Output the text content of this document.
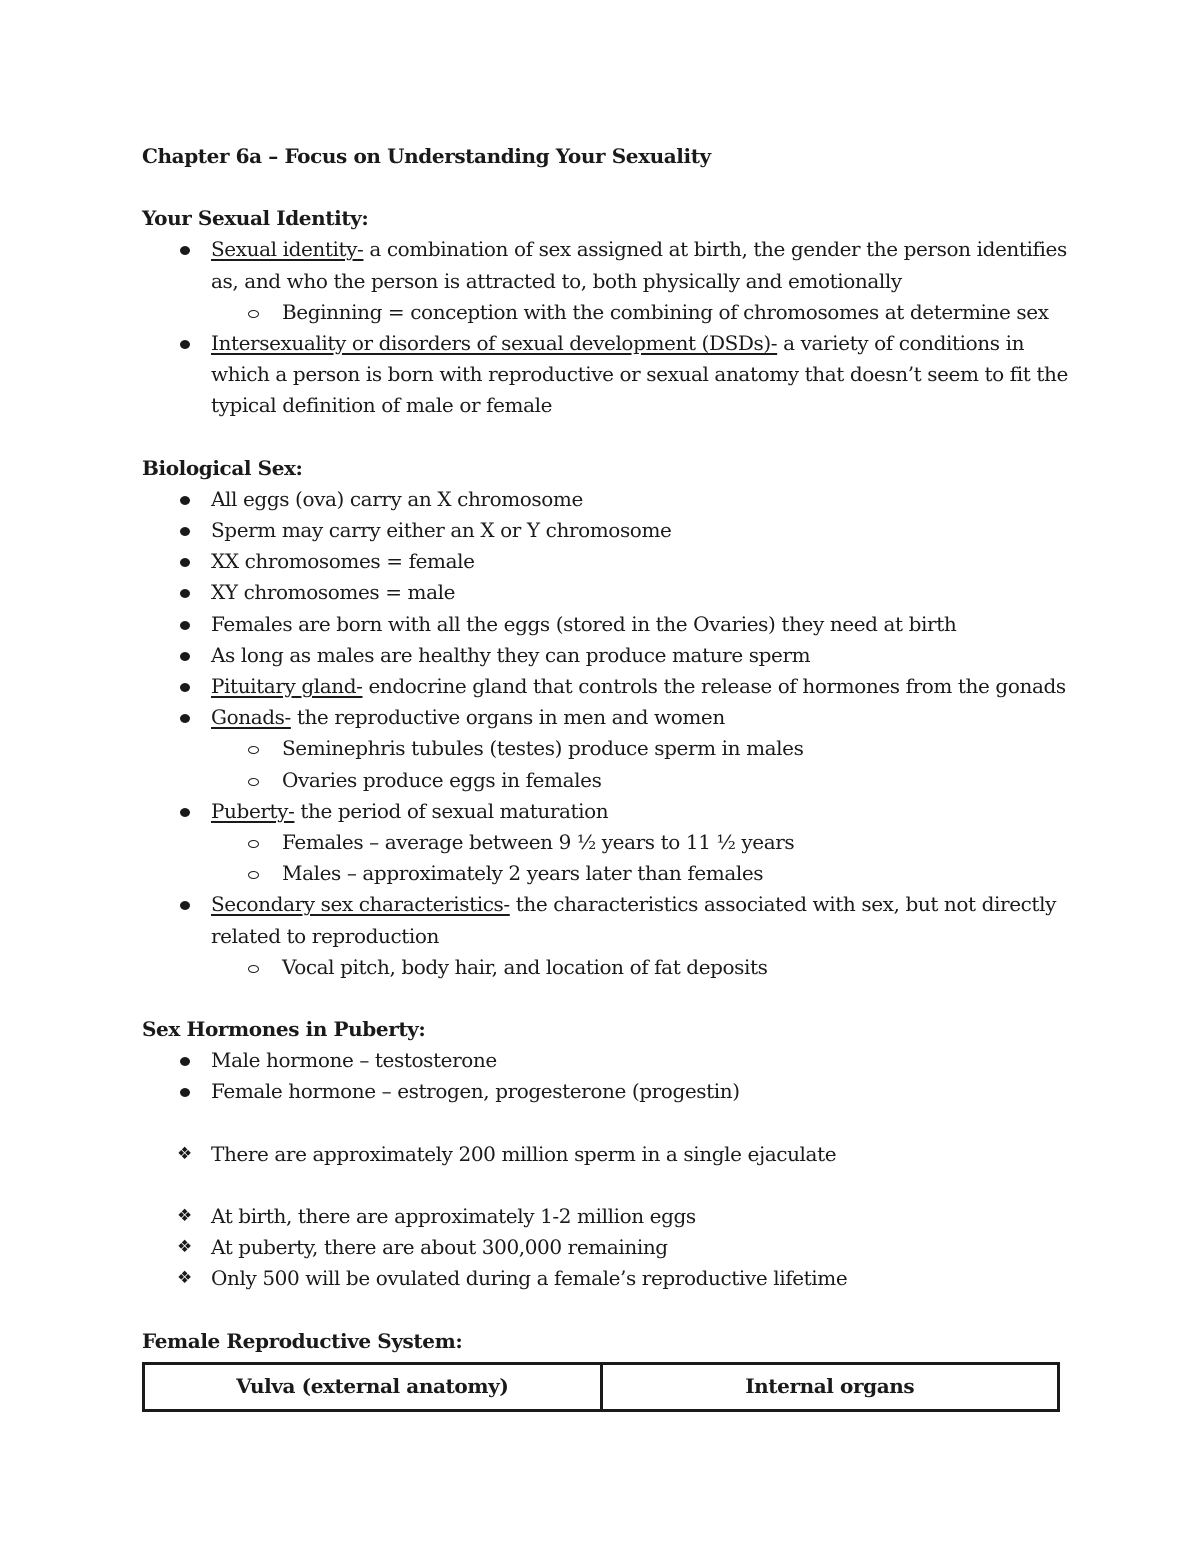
Chapter 6a – Focus on Understanding Your Sexuality

Your Sexual Identity:

Sexual identity- a combination of sex assigned at birth, the gender the person identifies as, and who the person is attracted to, both physically and emotionally
Beginning = conception with the combining of chromosomes at determine sex
Intersexuality or disorders of sexual development (DSDs)- a variety of conditions in which a person is born with reproductive or sexual anatomy that doesn’t seem to fit the typical definition of male or female

Biological Sex:

All eggs (ova) carry an X chromosome
Sperm may carry either an X or Y chromosome
XX chromosomes = female
XY chromosomes = male
Females are born with all the eggs (stored in the Ovaries) they need at birth
As long as males are healthy they can produce mature sperm
Pituitary gland- endocrine gland that controls the release of hormones from the gonads
Gonads- the reproductive organs in men and women
Seminephris tubules (testes) produce sperm in males
Ovaries produce eggs in females
Puberty- the period of sexual maturation
Females – average between 9 ½ years to 11 ½ years
Males – approximately 2 years later than females
Secondary sex characteristics- the characteristics associated with sex, but not directly related to reproduction
Vocal pitch, body hair, and location of fat deposits

Sex Hormones in Puberty:

Male hormone – testosterone
Female hormone – estrogen, progesterone (progestin)
❖ There are approximately 200 million sperm in a single ejaculate
❖ At birth, there are approximately 1-2 million eggs
❖ At puberty, there are about 300,000 remaining
❖ Only 500 will be ovulated during a female’s reproductive lifetime

Female Reproductive System:

Vulva (external anatomy)	Internal organs
